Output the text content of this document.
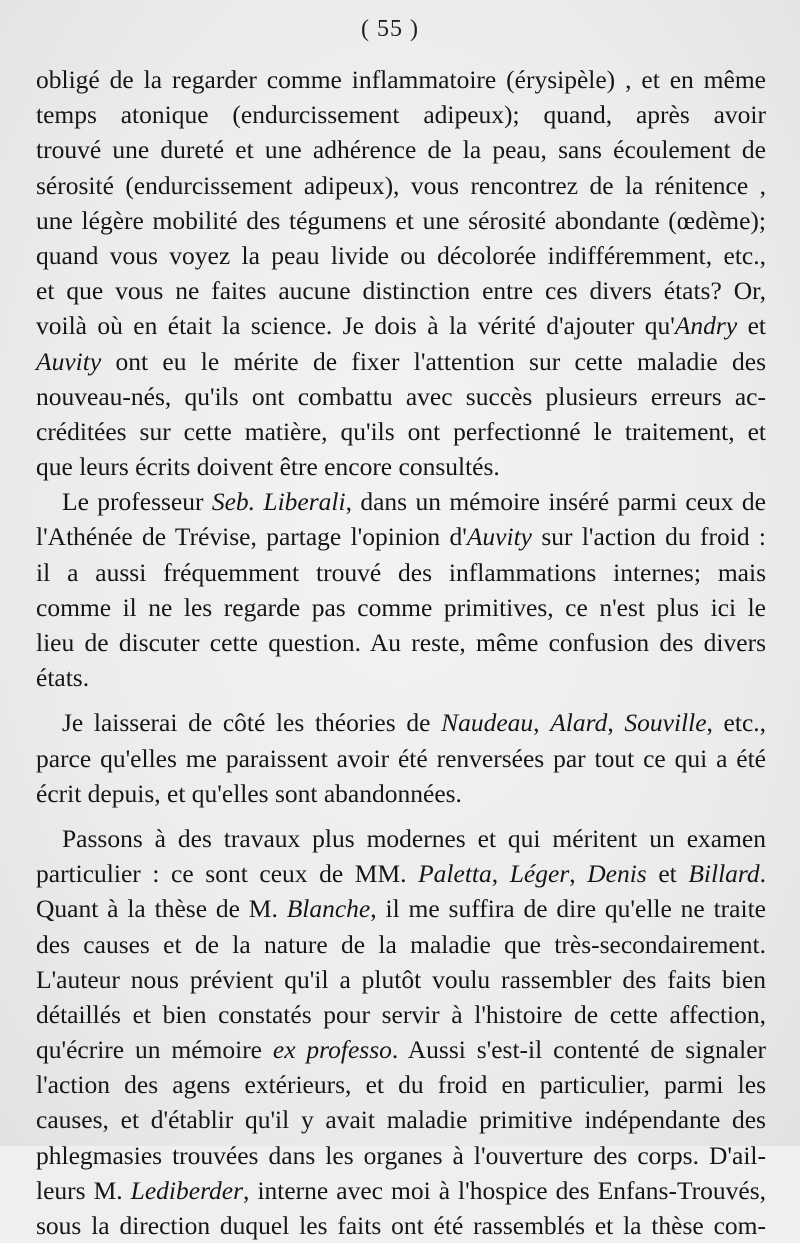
( 55 )
obligé de la regarder comme inflammatoire (érysipèle) , et en même
temps atonique (endurcissement adipeux); quand, après avoir
trouvé une dureté et une adhérence de la peau, sans écoulement de
sérosité (endurcissement adipeux), vous rencontrez de la rénitence ,
une légère mobilité des tégumens et une sérosité abondante (œdème);
quand vous voyez la peau livide ou décolorée indifféremment, etc.,
et que vous ne faites aucune distinction entre ces divers états? Or,
voilà où en était la science. Je dois à la vérité d'ajouter qu'Andry et
Auvity ont eu le mérite de fixer l'attention sur cette maladie des
nouveau-nés, qu'ils ont combattu avec succès plusieurs erreurs ac-
créditées sur cette matière, qu'ils ont perfectionné le traitement, et
que leurs écrits doivent être encore consultés.
Le professeur Seb. Liberali, dans un mémoire inséré parmi ceux de
l'Athénée de Trévise, partage l'opinion d'Auvity sur l'action du froid :
il a aussi fréquemment trouvé des inflammations internes; mais
comme il ne les regarde pas comme primitives, ce n'est plus ici le
lieu de discuter cette question. Au reste, même confusion des divers
états.
Je laisserai de côté les théories de Naudeau, Alard, Souville, etc.,
parce qu'elles me paraissent avoir été renversées par tout ce qui a été
écrit depuis, et qu'elles sont abandonnées.
Passons à des travaux plus modernes et qui méritent un examen
particulier : ce sont ceux de MM. Paletta, Léger, Denis et Billard.
Quant à la thèse de M. Blanche, il me suffira de dire qu'elle ne traite
des causes et de la nature de la maladie que très-secondairement.
L'auteur nous prévient qu'il a plutôt voulu rassembler des faits bien
détaillés et bien constatés pour servir à l'histoire de cette affection,
qu'écrire un mémoire ex professo. Aussi s'est-il contenté de signaler
l'action des agens extérieurs, et du froid en particulier, parmi les
causes, et d'établir qu'il y avait maladie primitive indépendante des
phlegmasies trouvées dans les organes à l'ouverture des corps. D'ail-
leurs M. Lediberder, interne avec moi à l'hospice des Enfans-Trouvés,
sous la direction duquel les faits ont été rassemblés et la thèse com-
